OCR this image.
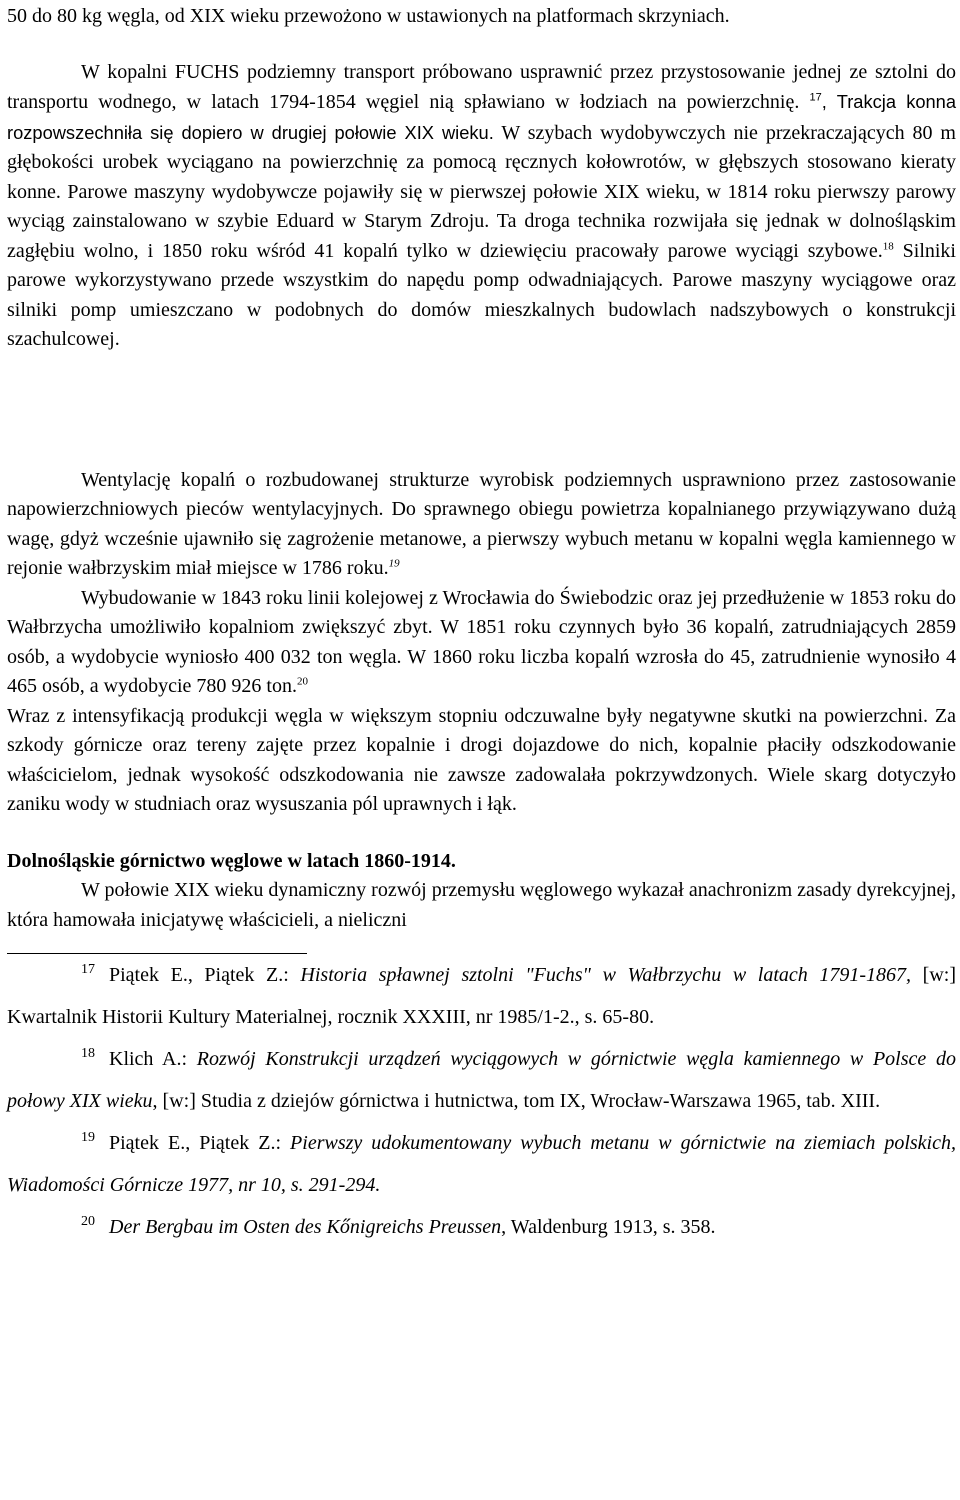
50 do 80 kg węgla, od XIX wieku przewożono w ustawionych na platformach skrzyniach.

W kopalni FUCHS podziemny transport próbowano usprawnić przez przystosowanie jednej ze sztolni do transportu wodnego, w latach 1794-1854 węgiel nią spławiano w łodziach na powierzchnię. $^{17}$, Trakcja konna rozpowszechniła się dopiero w drugiej połowie XIX wieku. W szybach wydobywczych nie przekraczających 80 m głębokości urobek wyciągano na powierzchnię za pomocą ręcznych kołowrotów, w głębszych stosowano kieraty konne. Parowe maszyny wydobywcze pojawiły się w pierwszej połowie XIX wieku, w 1814 roku pierwszy parowy wyciąg zainstalowano w szybie Eduard w Starym Zdroju. Ta droga technika rozwijała się jednak w dolnośląskim zagłębiu wolno, i 1850 roku wśród 41 kopalń tylko w dziewięciu pracowały parowe wyciągi szybowe.$^{18}$ Silniki parowe wykorzystywano przede wszystkim do napędu pomp odwadniających. Parowe maszyny wyciągowe oraz silniki pomp umieszczano w podobnych do domów mieszkalnych budowlach nadszybowych o konstrukcji szachulcowej.

Wentylację kopalń o rozbudowanej strukturze wyrobisk podziemnych usprawniono przez zastosowanie napowierzchniowych pieców wentylacyjnych. Do sprawnego obiegu powietrza kopalnianego przywiązywano dużą wagę, gdyż wcześnie ujawniło się zagrożenie metanowe, a pierwszy wybuch metanu w kopalni węgla kamiennego w rejonie wałbrzyskim miał miejsce w 1786 roku.$^{19}$

Wybudowanie w 1843 roku linii kolejowej z Wrocławia do Świebodzic oraz jej przedłużenie w 1853 roku do Wałbrzycha umożliwiło kopalniom zwiększyć zbyt. W 1851 roku czynnych było 36 kopalń, zatrudniających 2859 osób, a wydobycie wyniosło 400 032 ton węgla. W 1860 roku liczba kopalń wzrosła do 45, zatrudnienie wynosiło 4 465 osób, a wydobycie 780 926 ton.$^{20}$

Wraz z intensyfikacją produkcji węgla w większym stopniu odczuwalne były negatywne skutki na powierzchni. Za szkody górnicze oraz tereny zajęte przez kopalnie i drogi dojazdowe do nich, kopalnie płaciły odszkodowanie właścicielom, jednak wysokość odszkodowania nie zawsze zadowalała pokrzywdzonych. Wiele skarg dotyczyło zaniku wody w studniach oraz wysuszania pól uprawnych i łąk.

Dolnośląskie górnictwo węglowe w latach 1860-1914.

W połowie XIX wieku dynamiczny rozwój przemysłu węglowego wykazał anachronizm zasady dyrekcyjnej, która hamowała inicjatywę właścicieli, a nieliczni

$^{17}$ Piątek E., Piątek Z.: Historia spławnej sztolni "Fuchs" w Wałbrzychu w latach 1791-1867, [w:] Kwartalnik Historii Kultury Materialnej, rocznik XXXIII, nr 1985/1-2., s. 65-80.

$^{18}$ Klich A.: Rozwój Konstrukcji urządzeń wyciągowych w górnictwie węgla kamiennego w Polsce do połowy XIX wieku, [w:] Studia z dziejów górnictwa i hutnictwa, tom IX, Wrocław-Warszawa 1965, tab. XIII.

$^{19}$ Piątek E., Piątek Z.: Pierwszy udokumentowany wybuch metanu w górnictwie na ziemiach polskich, Wiadomości Górnicze 1977, nr 10, s. 291-294.

$^{20}$ Der Bergbau im Osten des Kőnigreichs Preussen, Waldenburg 1913, s. 358.
